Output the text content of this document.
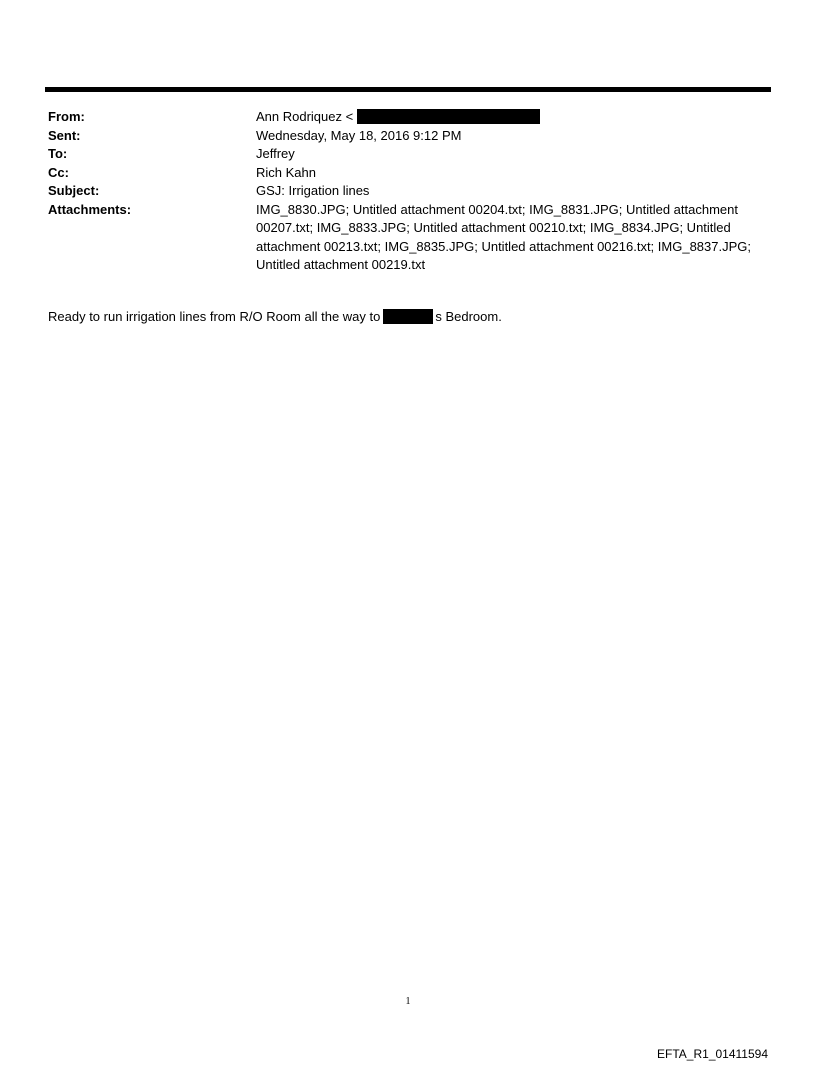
From:	Ann Rodriquez <
Sent:	Wednesday, May 18, 2016 9:12 PM
To:	Jeffrey
Cc:	Rich Kahn
Subject:	GSJ: Irrigation lines
Attachments:	IMG_8830.JPG; Untitled attachment 00204.txt; IMG_8831.JPG; Untitled attachment 00207.txt; IMG_8833.JPG; Untitled attachment 00210.txt; IMG_8834.JPG; Untitled attachment 00213.txt; IMG_8835.JPG; Untitled attachment 00216.txt; IMG_8837.JPG; Untitled attachment 00219.txt
Ready to run irrigation lines from R/O Room all the way to	s Bedroom.
1
EFTA_R1_01411594
